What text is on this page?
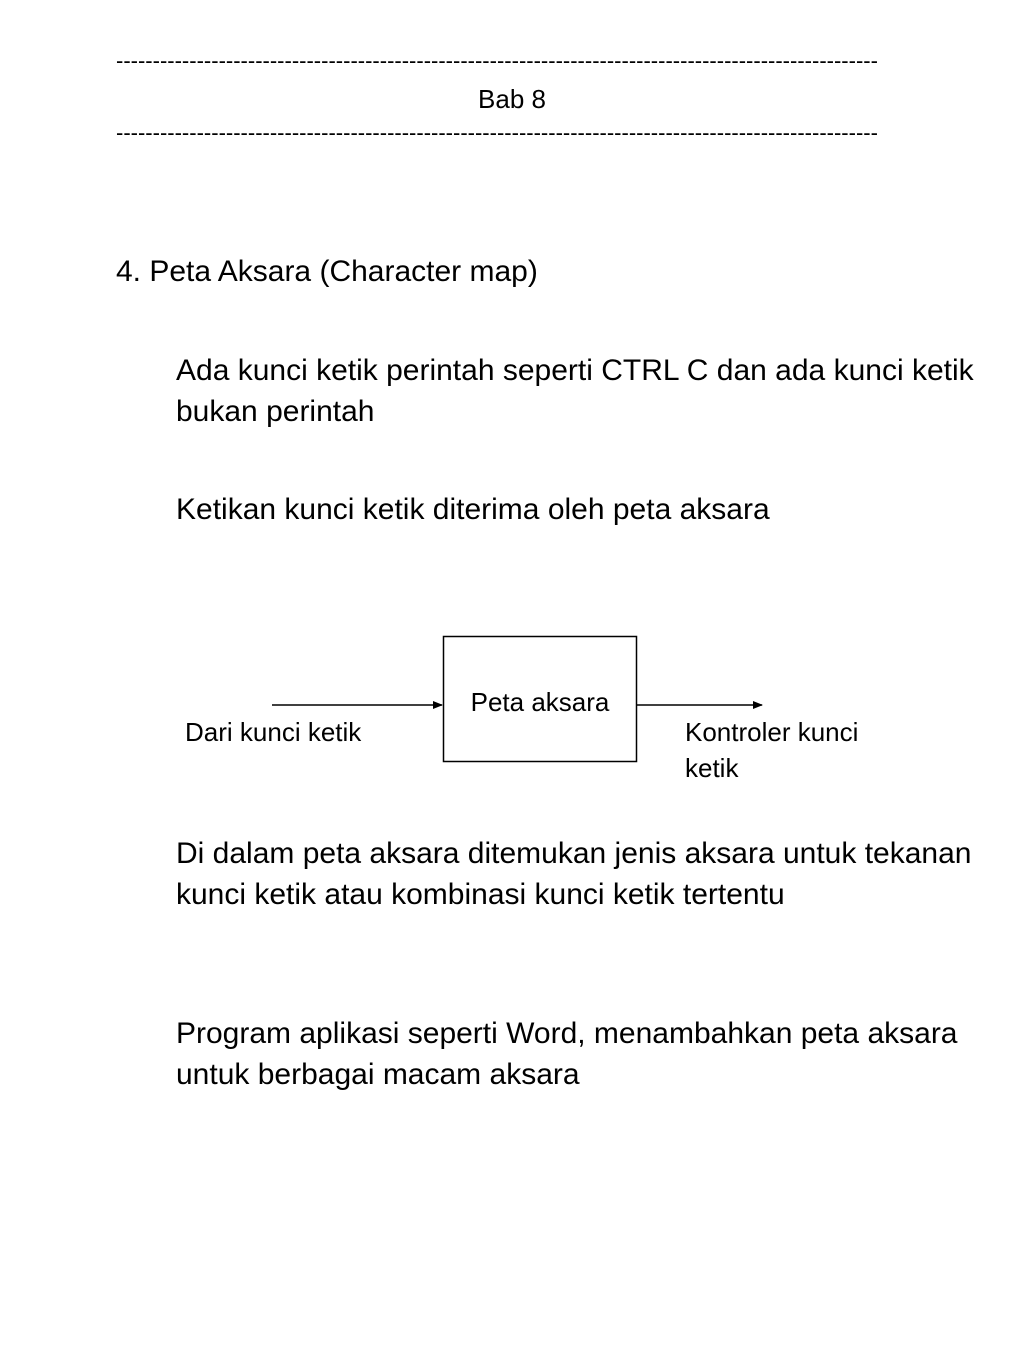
--------------------------------------------------------------------------------------------------------
Bab 8
--------------------------------------------------------------------------------------------------------
4. Peta Aksara (Character map)
Ada kunci ketik perintah seperti CTRL C dan ada kunci ketik bukan perintah
Ketikan kunci ketik diterima oleh peta aksara
Peta aksara
Dari kunci ketik	Kontroler kunci
ketik
Di dalam peta aksara ditemukan jenis aksara untuk tekanan kunci ketik atau kombinasi kunci ketik tertentu
Program aplikasi seperti Word, menambahkan peta aksara untuk berbagai macam aksara
